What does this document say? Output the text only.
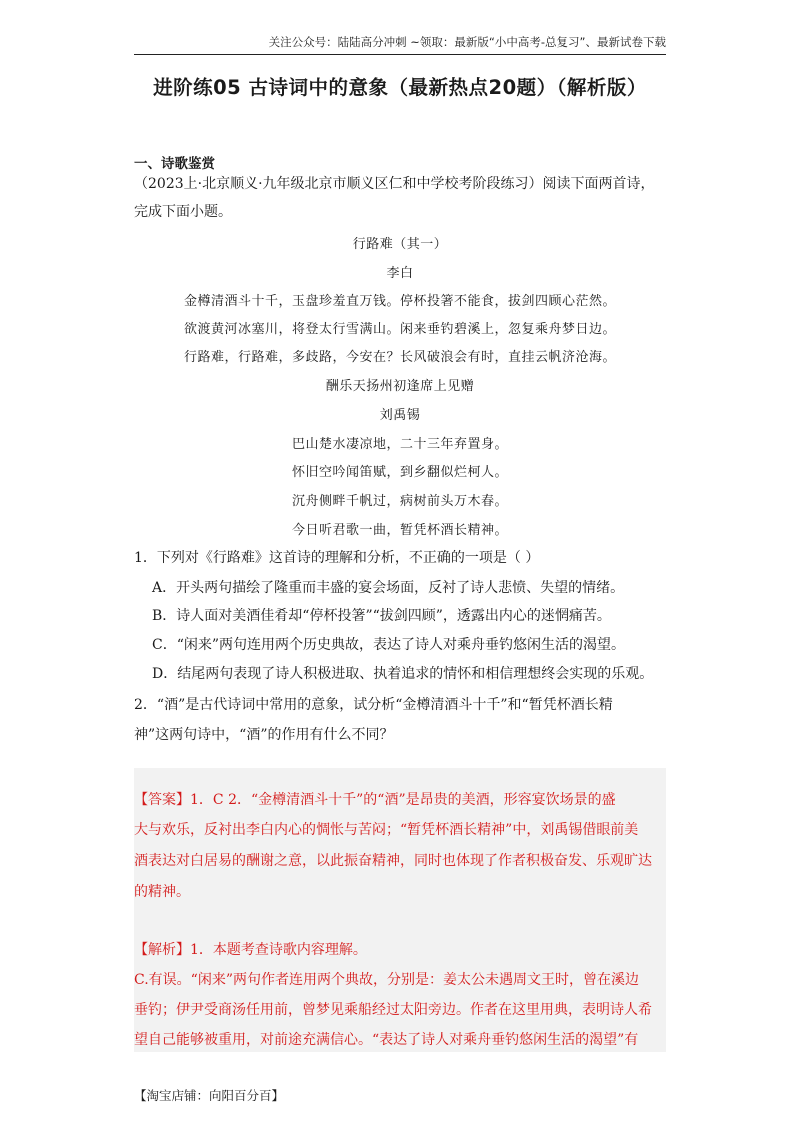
关注公众号：陆陆高分冲刺 ~领取：最新版“小中高考-总复习”、最新试卷下载
进阶练05 古诗词中的意象（最新热点20题）（解析版）
一、诗歌鉴赏
（2023上·北京顺义·九年级北京市顺义区仁和中学校考阶段练习）阅读下面两首诗，
完成下面小题。
行路难（其一）
李白
金樽清酒斗十千，玉盘珍羞直万钱。停杯投箸不能食，拔剑四顾心茫然。
欲渡黄河冰塞川，将登太行雪满山。闲来垂钓碧溪上，忽复乘舟梦日边。
行路难，行路难，多歧路，今安在？长风破浪会有时，直挂云帆济沧海。
酬乐天扬州初逢席上见赠
刘禹锡
巴山楚水凄凉地，二十三年弃置身。
怀旧空吟闻笛赋，到乡翻似烂柯人。
沉舟侧畔千帆过，病树前头万木春。
今日听君歌一曲，暂凭杯酒长精神。
1．下列对《行路难》这首诗的理解和分析，不正确的一项是（ ）
A．开头两句描绘了隆重而丰盛的宴会场面，反衬了诗人悲愤、失望的情绪。
B．诗人面对美酒佳肴却“停杯投箸”“拔剑四顾”，透露出内心的迷惘痛苦。
C．“闲来”两句连用两个历史典故，表达了诗人对乘舟垂钓悠闲生活的渴望。
D．结尾两句表现了诗人积极进取、执着追求的情怀和相信理想终会实现的乐观。
2．“酒”是古代诗词中常用的意象，试分析“金樽清酒斗十千”和“暂凭杯酒长精
神”这两句诗中，“酒”的作用有什么不同？
【答案】1．C 2．“金樽清酒斗十千”的“酒”是昂贵的美酒，形容宴饮场景的盛
大与欢乐，反衬出李白内心的惆怅与苦闷；“暂凭杯酒长精神”中，刘禹锡借眼前美
酒表达对白居易的酬谢之意，以此振奋精神，同时也体现了作者积极奋发、乐观旷达
的精神。
【解析】1．本题考查诗歌内容理解。
C.有误。“闲来”两句作者连用两个典故，分别是：姜太公未遇周文王时，曾在溪边
垂钓；伊尹受商汤任用前，曾梦见乘船经过太阳旁边。作者在这里用典，表明诗人希
望自己能够被重用，对前途充满信心。“表达了诗人对乘舟垂钓悠闲生活的渴望”有
【淘宝店铺：向阳百分百】
